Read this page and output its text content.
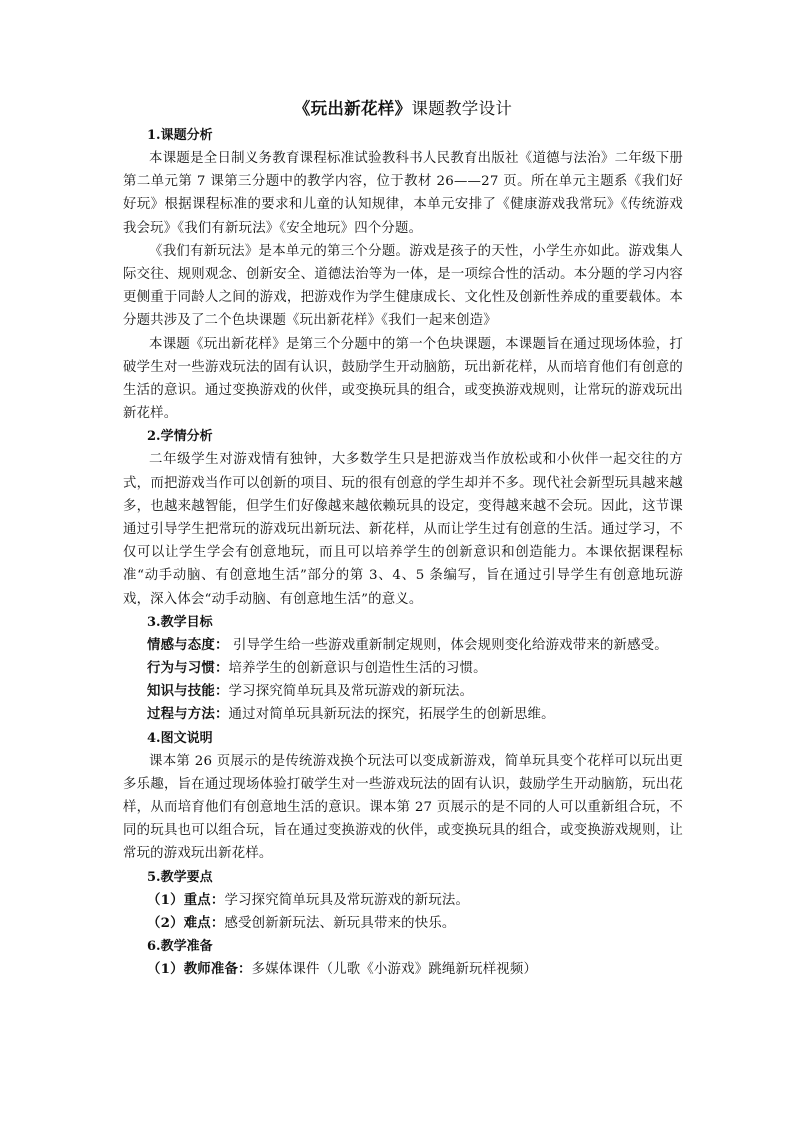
《玩出新花样》课题教学设计

1.课题分析

本课题是全日制义务教育课程标准试验教科书人民教育出版社《道德与法治》二年级下册第二单元第 7 课第三分题中的教学内容，位于教材 26——27 页。所在单元主题系《我们好好玩》根据课程标准的要求和儿童的认知规律，本单元安排了《健康游戏我常玩》《传统游戏我会玩》《我们有新玩法》《安全地玩》四个分题。

《我们有新玩法》是本单元的第三个分题。游戏是孩子的天性，小学生亦如此。游戏集人际交往、规则观念、创新安全、道德法治等为一体，是一项综合性的活动。本分题的学习内容更侧重于同龄人之间的游戏，把游戏作为学生健康成长、文化性及创新性养成的重要载体。本分题共涉及了二个色块课题《玩出新花样》《我们一起来创造》

本课题《玩出新花样》是第三个分题中的第一个色块课题，本课题旨在通过现场体验，打破学生对一些游戏玩法的固有认识，鼓励学生开动脑筋，玩出新花样，从而培育他们有创意的生活的意识。通过变换游戏的伙伴，或变换玩具的组合，或变换游戏规则，让常玩的游戏玩出新花样。

2.学情分析

二年级学生对游戏情有独钟，大多数学生只是把游戏当作放松或和小伙伴一起交往的方式，而把游戏当作可以创新的项目、玩的很有创意的学生却并不多。现代社会新型玩具越来越多，也越来越智能，但学生们好像越来越依赖玩具的设定，变得越来越不会玩。因此，这节课通过引导学生把常玩的游戏玩出新玩法、新花样，从而让学生过有创意的生活。通过学习，不仅可以让学生学会有创意地玩，而且可以培养学生的创新意识和创造能力。本课依据课程标准“动手动脑、有创意地生活”部分的第 3、4、5 条编写，旨在通过引导学生有创意地玩游戏，深入体会“动手动脑、有创意地生活”的意义。

3.教学目标

情感与态度： 引导学生给一些游戏重新制定规则，体会规则变化给游戏带来的新感受。

行为与习惯：培养学生的创新意识与创造性生活的习惯。

知识与技能：学习探究简单玩具及常玩游戏的新玩法。

过程与方法：通过对简单玩具新玩法的探究，拓展学生的创新思维。

4.图文说明

课本第 26 页展示的是传统游戏换个玩法可以变成新游戏，简单玩具变个花样可以玩出更多乐趣，旨在通过现场体验打破学生对一些游戏玩法的固有认识，鼓励学生开动脑筋，玩出花样，从而培育他们有创意地生活的意识。课本第 27 页展示的是不同的人可以重新组合玩，不同的玩具也可以组合玩，旨在通过变换游戏的伙伴，或变换玩具的组合，或变换游戏规则，让常玩的游戏玩出新花样。

5.教学要点

（1）重点：学习探究简单玩具及常玩游戏的新玩法。

（2）难点：感受创新新玩法、新玩具带来的快乐。

6.教学准备

（1）教师准备：多媒体课件（儿歌《小游戏》跳绳新玩样视频）
